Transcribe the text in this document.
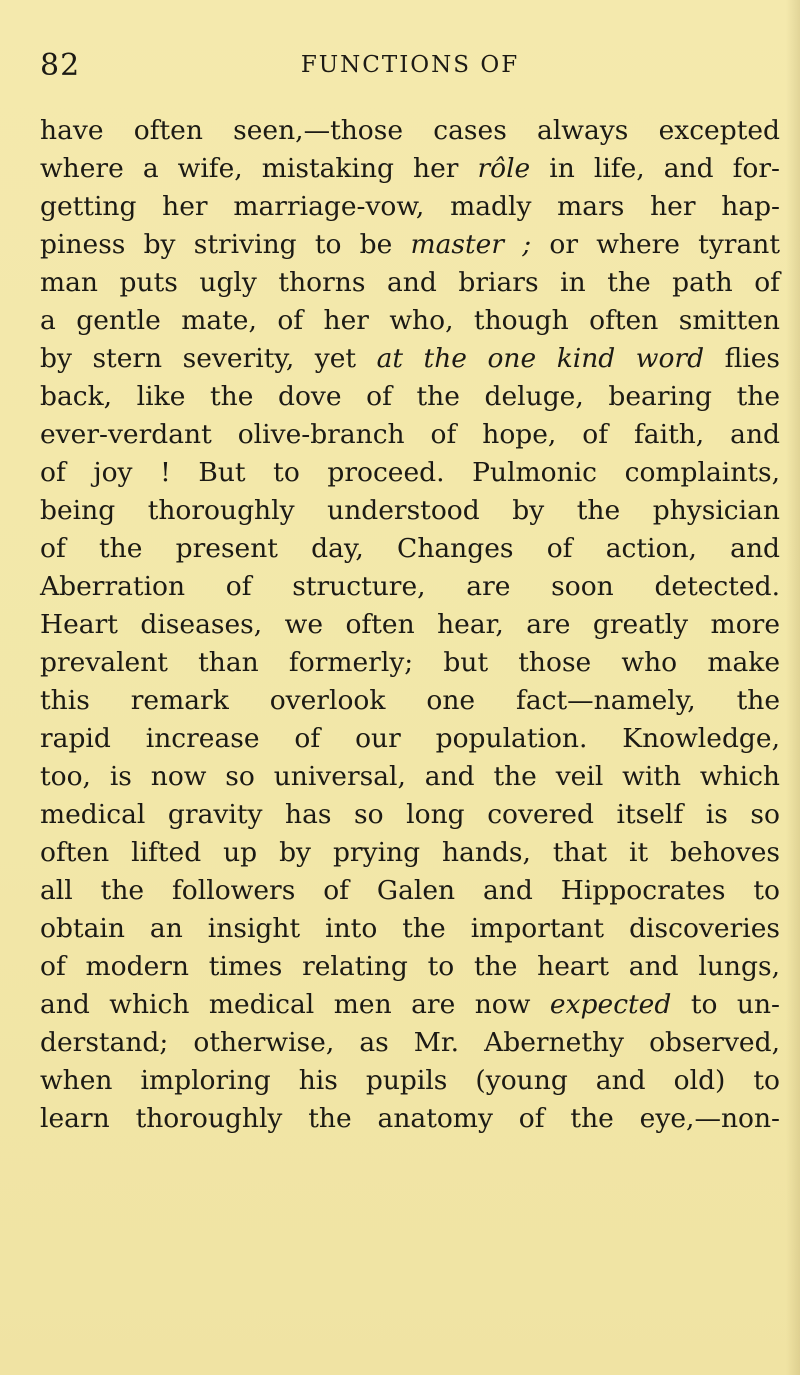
82	FUNCTIONS OF
have often seen,—those cases always excepted
where a wife, mistaking her rôle in life, and for-
getting her marriage-vow, madly mars her hap-
piness by striving to be master ; or where tyrant
man puts ugly thorns and briars in the path of
a gentle mate, of her who, though often smitten
by stern severity, yet at the one kind word flies
back, like the dove of the deluge, bearing the
ever-verdant olive-branch of hope, of faith, and
of joy ! But to proceed. Pulmonic complaints,
being thoroughly understood by the physician
of the present day, Changes of action, and
Aberration of structure, are soon detected.
Heart diseases, we often hear, are greatly more
prevalent than formerly; but those who make
this remark overlook one fact—namely, the
rapid increase of our population. Knowledge,
too, is now so universal, and the veil with which
medical gravity has so long covered itself is so
often lifted up by prying hands, that it behoves
all the followers of Galen and Hippocrates to
obtain an insight into the important discoveries
of modern times relating to the heart and lungs,
and which medical men are now expected to un-
derstand; otherwise, as Mr. Abernethy observed,
when imploring his pupils (young and old) to
learn thoroughly the anatomy of the eye,—non-
